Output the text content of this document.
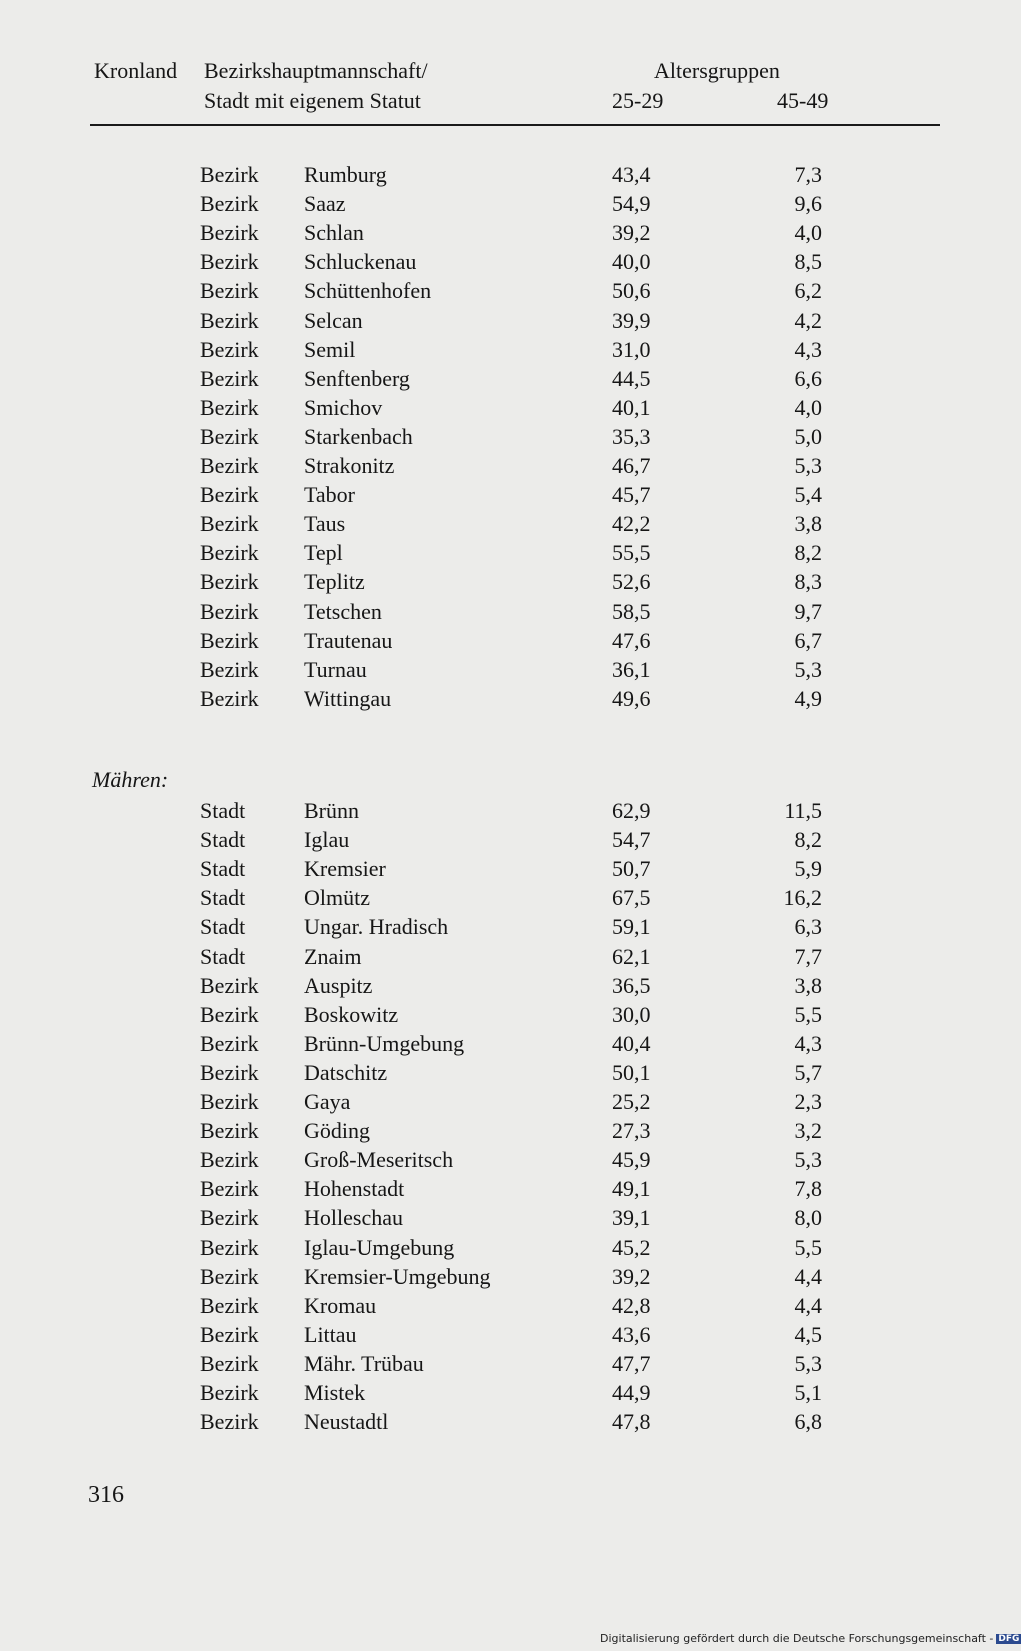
Kronland Bezirkshauptmannschaft/
Stadt mit eigenem Statut
Altersgruppen
25-29	45-49
Bezirk Rumburg	43,4	7,3
Bezirk Saaz	54,9	9,6
Bezirk Schlan	39,2	4,0
Bezirk Schluckenau	40,0	8,5
Bezirk Schüttenhofen	50,6	6,2
Bezirk Selcan	39,9	4,2
Bezirk Semil	31,0	4,3
Bezirk Senftenberg	44,5	6,6
Bezirk Smichov	40,1	4,0
Bezirk Starkenbach	35,3	5,0
Bezirk Strakonitz	46,7	5,3
Bezirk Tabor	45,7	5,4
Bezirk Taus	42,2	3,8
Bezirk Tepl	55,5	8,2
Bezirk Teplitz	52,6	8,3
Bezirk Tetschen	58,5	9,7
Bezirk Trautenau	47,6	6,7
Bezirk Turnau	36,1	5,3
Bezirk Wittingau	49,6	4,9
Stadt	Brünn	62,9	11,5
Stadt	Iglau	54,7	8,2
Stadt	Kremsier	50,7	5,9
Stadt	Olmütz	67,5	16,2
Stadt	Ungar. Hradisch	59,1	6,3
Stadt	Znaim	62,1	7,7
Bezirk Auspitz	36,5	3,8
Bezirk Boskowitz	30,0	5,5
Bezirk Brünn-Umgebung	40,4	4,3
Bezirk Datschitz	50,1	5,7
Bezirk Gaya	25,2	2,3
Bezirk Göding	27,3	3,2
Bezirk Groß-Meseritsch	45,9	5,3
Bezirk Hohenstadt	49,1	7,8
Bezirk Holleschau	39,1	8,0
Bezirk Iglau-Umgebung	45,2	5,5
Bezirk Kremsier-Umgebung	39,2	4,4
Bezirk Kromau	42,8	4,4
Bezirk Littau	43,6	4,5
Bezirk Mähr. Trübau	47,7	5,3
Bezirk Mistek	44,9	5,1
Bezirk Neustadtl	47,8	6,8
Mähren:
316
Digitalisierung gefördert durch die Deutsche Forschungsgemeinschaft - DFG
